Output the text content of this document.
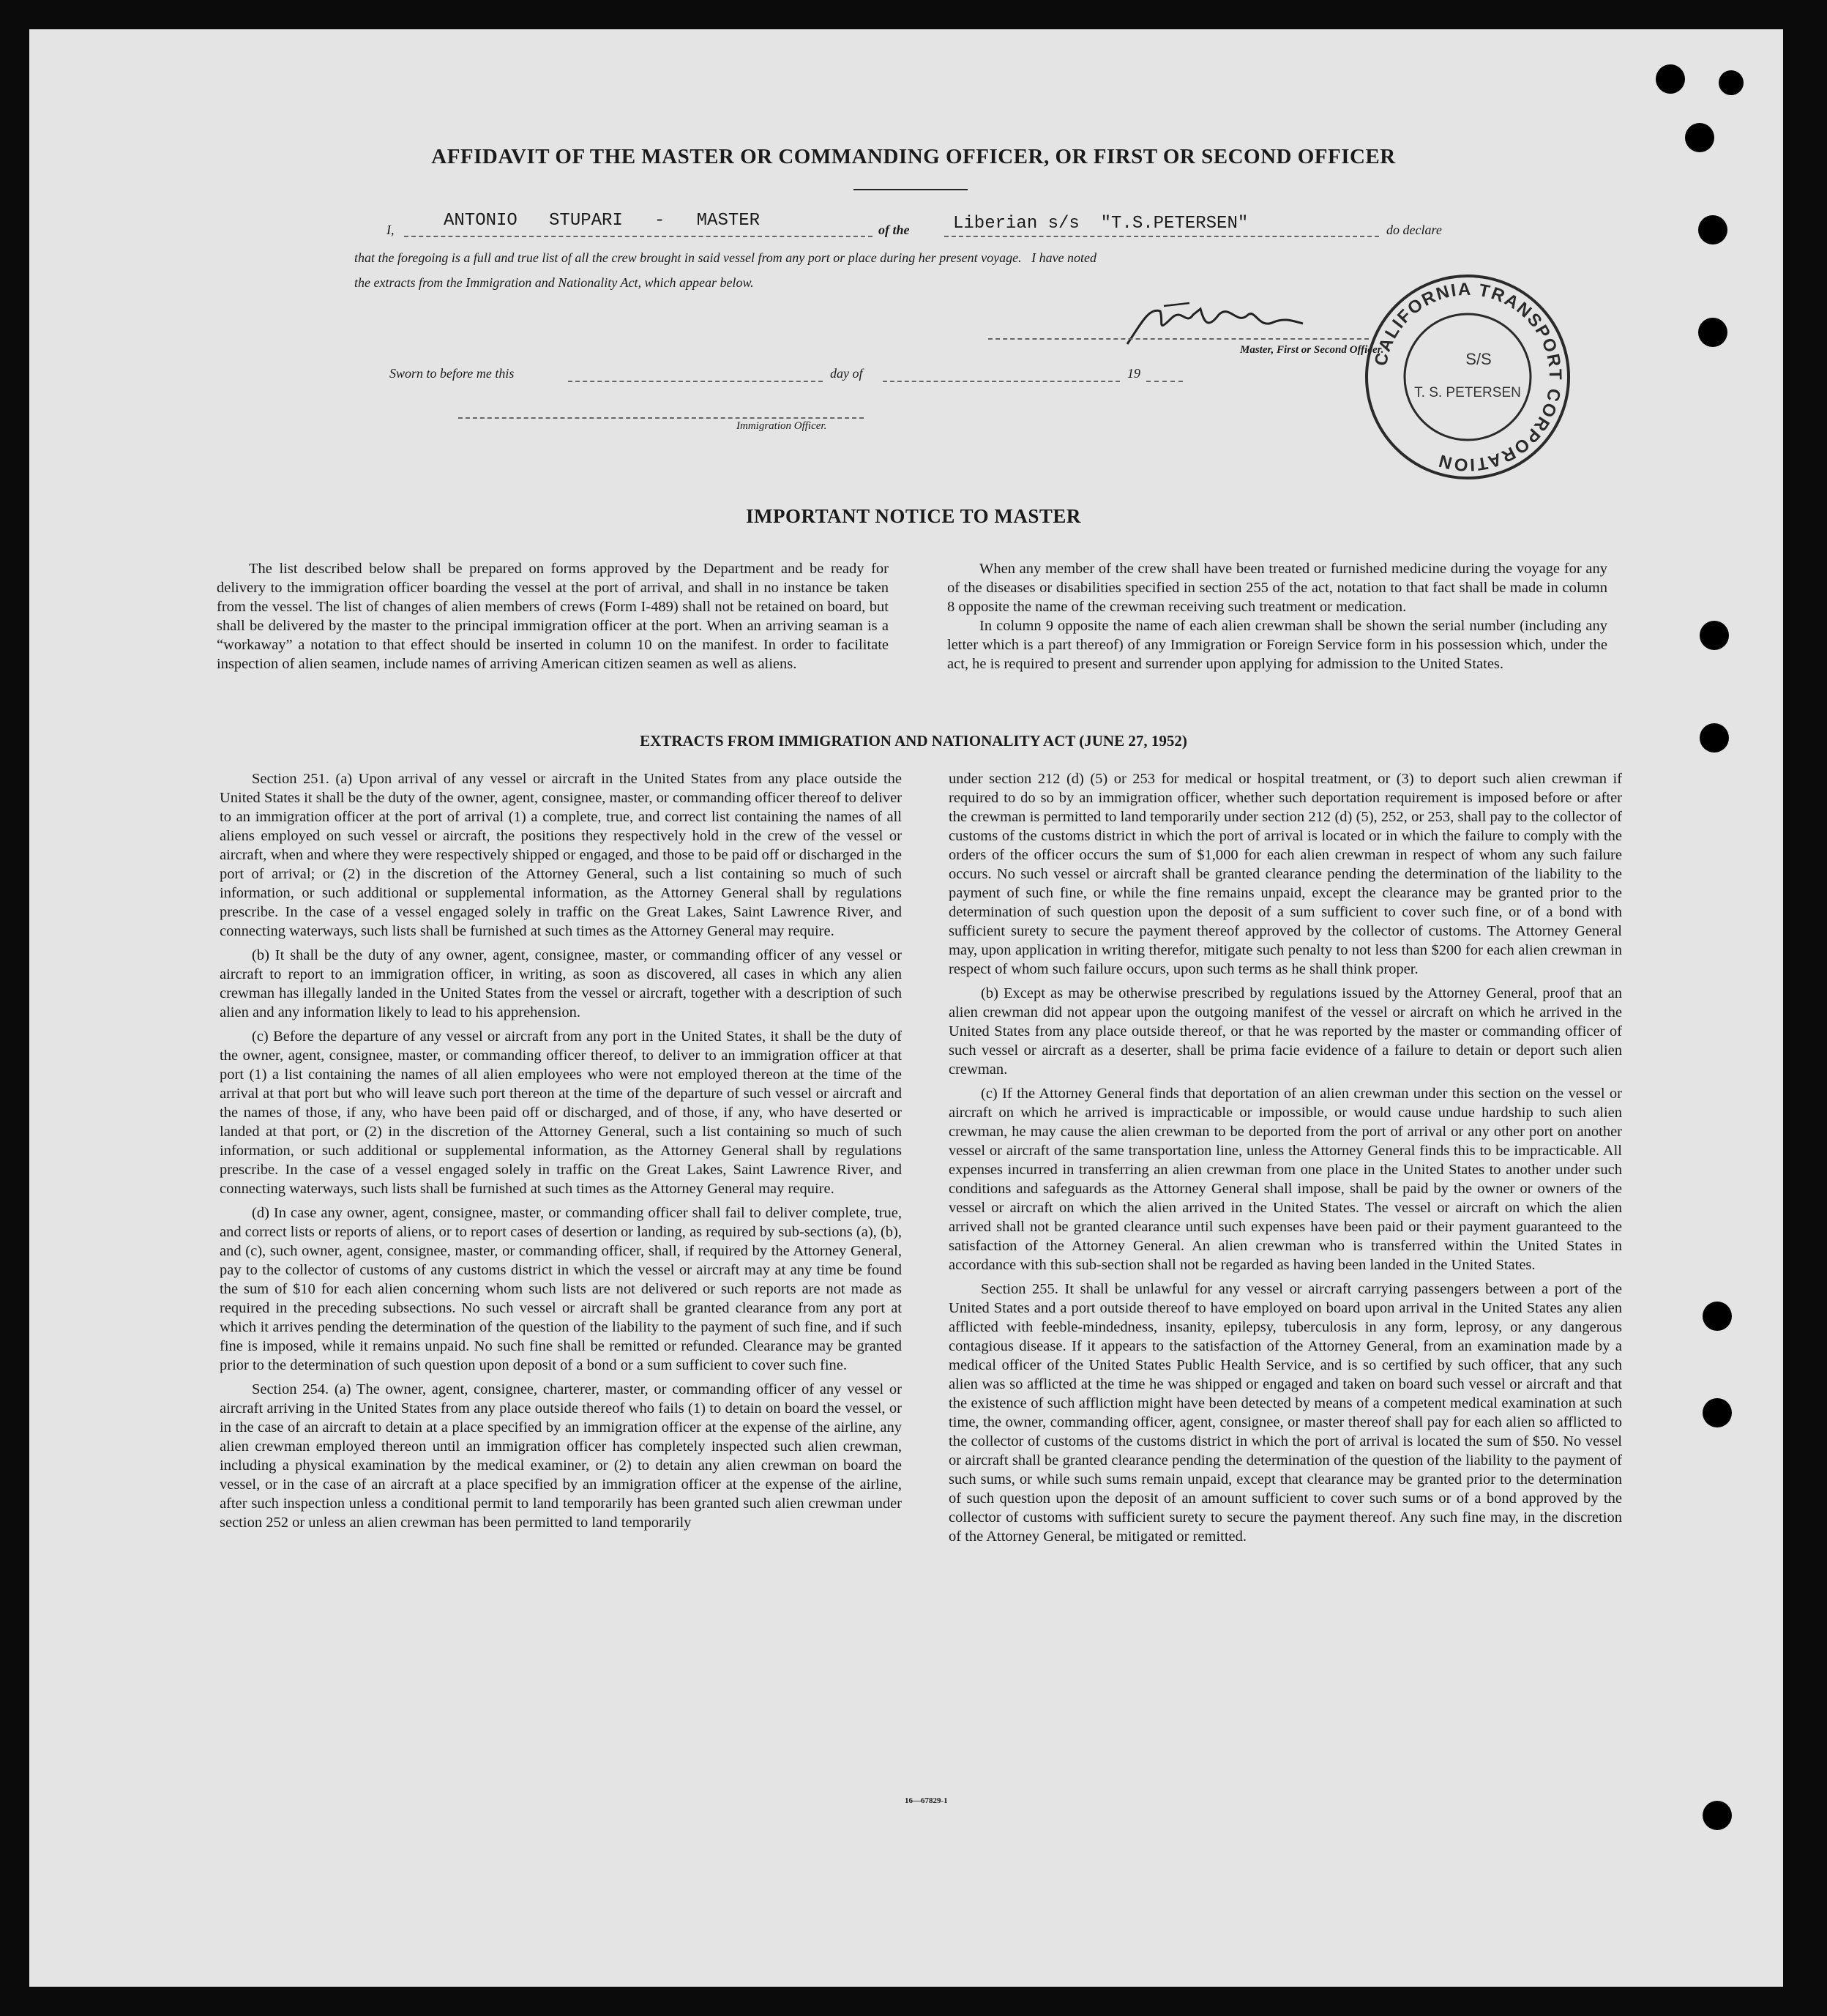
AFFIDAVIT OF THE MASTER OR COMMANDING OFFICER, OR FIRST OR SECOND OFFICER
I,	ANTONIO   STUPARI   -   MASTER	of the Liberian s/s  "T.S.PETERSEN"	do declare
that the foregoing is a full and true list of all the crew brought in said vessel from any port or place during her present voyage.   I have noted
the extracts from the Immigration and Nationality Act, which appear below.
Master, First or Second Officer.
Sworn to before me this	day of	19
Immigration Officer.
CALIFORNIA TRANSPORT CORPORATION
S/S
T. S. PETERSEN
IMPORTANT NOTICE TO MASTER

The list described below shall be prepared on forms approved by the Department and be ready for delivery to the immigration officer boarding the vessel at the port of arrival, and shall in no instance be taken from the vessel. The list of changes of alien members of crews (Form I-489) shall not be retained on board, but shall be delivered by the master to the principal immigration officer at the port. When an arriving seaman is a “workaway” a notation to that effect should be inserted in column 10 on the manifest. In order to facilitate inspection of alien seamen, include names of arriving American citizen seamen as well as aliens.

When any member of the crew shall have been treated or furnished medicine during the voyage for any of the diseases or disabilities specified in section 255 of the act, notation to that fact shall be made in column 8 opposite the name of the crewman receiving such treatment or medication.

In column 9 opposite the name of each alien crewman shall be shown the serial number (including any letter which is a part thereof) of any Immigration or Foreign Service form in his possession which, under the act, he is required to present and surrender upon applying for admission to the United States.

EXTRACTS FROM IMMIGRATION AND NATIONALITY ACT (JUNE 27, 1952)

Section 251. (a) Upon arrival of any vessel or aircraft in the United States from any place outside the United States it shall be the duty of the owner, agent, consignee, master, or commanding officer thereof to deliver to an immigration officer at the port of arrival (1) a complete, true, and correct list containing the names of all aliens employed on such vessel or aircraft, the positions they respectively hold in the crew of the vessel or aircraft, when and where they were respectively shipped or engaged, and those to be paid off or discharged in the port of arrival; or (2) in the discretion of the Attorney General, such a list containing so much of such information, or such additional or supplemental information, as the Attorney General shall by regulations prescribe. In the case of a vessel engaged solely in traffic on the Great Lakes, Saint Lawrence River, and connecting waterways, such lists shall be furnished at such times as the Attorney General may require.

(b) It shall be the duty of any owner, agent, consignee, master, or commanding officer of any vessel or aircraft to report to an immigration officer, in writing, as soon as discovered, all cases in which any alien crewman has illegally landed in the United States from the vessel or aircraft, together with a description of such alien and any information likely to lead to his apprehension.

(c) Before the departure of any vessel or aircraft from any port in the United States, it shall be the duty of the owner, agent, consignee, master, or commanding officer thereof, to deliver to an immigration officer at that port (1) a list containing the names of all alien employees who were not employed thereon at the time of the arrival at that port but who will leave such port thereon at the time of the departure of such vessel or aircraft and the names of those, if any, who have been paid off or discharged, and of those, if any, who have deserted or landed at that port, or (2) in the discretion of the Attorney General, such a list containing so much of such information, or such additional or supplemental information, as the Attorney General shall by regulations prescribe. In the case of a vessel engaged solely in traffic on the Great Lakes, Saint Lawrence River, and connecting waterways, such lists shall be furnished at such times as the Attorney General may require.

(d) In case any owner, agent, consignee, master, or commanding officer shall fail to deliver complete, true, and correct lists or reports of aliens, or to report cases of desertion or landing, as required by sub-sections (a), (b), and (c), such owner, agent, consignee, master, or commanding officer, shall, if required by the Attorney General, pay to the collector of customs of any customs district in which the vessel or aircraft may at any time be found the sum of $10 for each alien concerning whom such lists are not delivered or such reports are not made as required in the preceding subsections. No such vessel or aircraft shall be granted clearance from any port at which it arrives pending the determination of the question of the liability to the payment of such fine, and if such fine is imposed, while it remains unpaid. No such fine shall be remitted or refunded. Clearance may be granted prior to the determination of such question upon deposit of a bond or a sum sufficient to cover such fine.

Section 254. (a) The owner, agent, consignee, charterer, master, or commanding officer of any vessel or aircraft arriving in the United States from any place outside thereof who fails (1) to detain on board the vessel, or in the case of an aircraft to detain at a place specified by an immigration officer at the expense of the airline, any alien crewman employed thereon until an immigration officer has completely inspected such alien crewman, including a physical examination by the medical examiner, or (2) to detain any alien crewman on board the vessel, or in the case of an aircraft at a place specified by an immigration officer at the expense of the airline, after such inspection unless a conditional permit to land temporarily has been granted such alien crewman under section 252 or unless an alien crewman has been permitted to land temporarily

under section 212 (d) (5) or 253 for medical or hospital treatment, or (3) to deport such alien crewman if required to do so by an immigration officer, whether such deportation requirement is imposed before or after the crewman is permitted to land temporarily under section 212 (d) (5), 252, or 253, shall pay to the collector of customs of the customs district in which the port of arrival is located or in which the failure to comply with the orders of the officer occurs the sum of $1,000 for each alien crewman in respect of whom any such failure occurs. No such vessel or aircraft shall be granted clearance pending the determination of the liability to the payment of such fine, or while the fine remains unpaid, except the clearance may be granted prior to the determination of such question upon the deposit of a sum sufficient to cover such fine, or of a bond with sufficient surety to secure the payment thereof approved by the collector of customs. The Attorney General may, upon application in writing therefor, mitigate such penalty to not less than $200 for each alien crewman in respect of whom such failure occurs, upon such terms as he shall think proper.

(b) Except as may be otherwise prescribed by regulations issued by the Attorney General, proof that an alien crewman did not appear upon the outgoing manifest of the vessel or aircraft on which he arrived in the United States from any place outside thereof, or that he was reported by the master or commanding officer of such vessel or aircraft as a deserter, shall be prima facie evidence of a failure to detain or deport such alien crewman.

(c) If the Attorney General finds that deportation of an alien crewman under this section on the vessel or aircraft on which he arrived is impracticable or impossible, or would cause undue hardship to such alien crewman, he may cause the alien crewman to be deported from the port of arrival or any other port on another vessel or aircraft of the same transportation line, unless the Attorney General finds this to be impracticable. All expenses incurred in transferring an alien crewman from one place in the United States to another under such conditions and safeguards as the Attorney General shall impose, shall be paid by the owner or owners of the vessel or aircraft on which the alien arrived in the United States. The vessel or aircraft on which the alien arrived shall not be granted clearance until such expenses have been paid or their payment guaranteed to the satisfaction of the Attorney General. An alien crewman who is transferred within the United States in accordance with this sub-section shall not be regarded as having been landed in the United States.

Section 255. It shall be unlawful for any vessel or aircraft carrying passengers between a port of the United States and a port outside thereof to have employed on board upon arrival in the United States any alien afflicted with feeble-mindedness, insanity, epilepsy, tuberculosis in any form, leprosy, or any dangerous contagious disease. If it appears to the satisfaction of the Attorney General, from an examination made by a medical officer of the United States Public Health Service, and is so certified by such officer, that any such alien was so afflicted at the time he was shipped or engaged and taken on board such vessel or aircraft and that the existence of such affliction might have been detected by means of a competent medical examination at such time, the owner, commanding officer, agent, consignee, or master thereof shall pay for each alien so afflicted to the collector of customs of the customs district in which the port of arrival is located the sum of $50. No vessel or aircraft shall be granted clearance pending the determination of the question of the liability to the payment of such sums, or while such sums remain unpaid, except that clearance may be granted prior to the determination of such question upon the deposit of an amount sufficient to cover such sums or of a bond approved by the collector of customs with sufficient surety to secure the payment thereof. Any such fine may, in the discretion of the Attorney General, be mitigated or remitted.

16—67829-1
